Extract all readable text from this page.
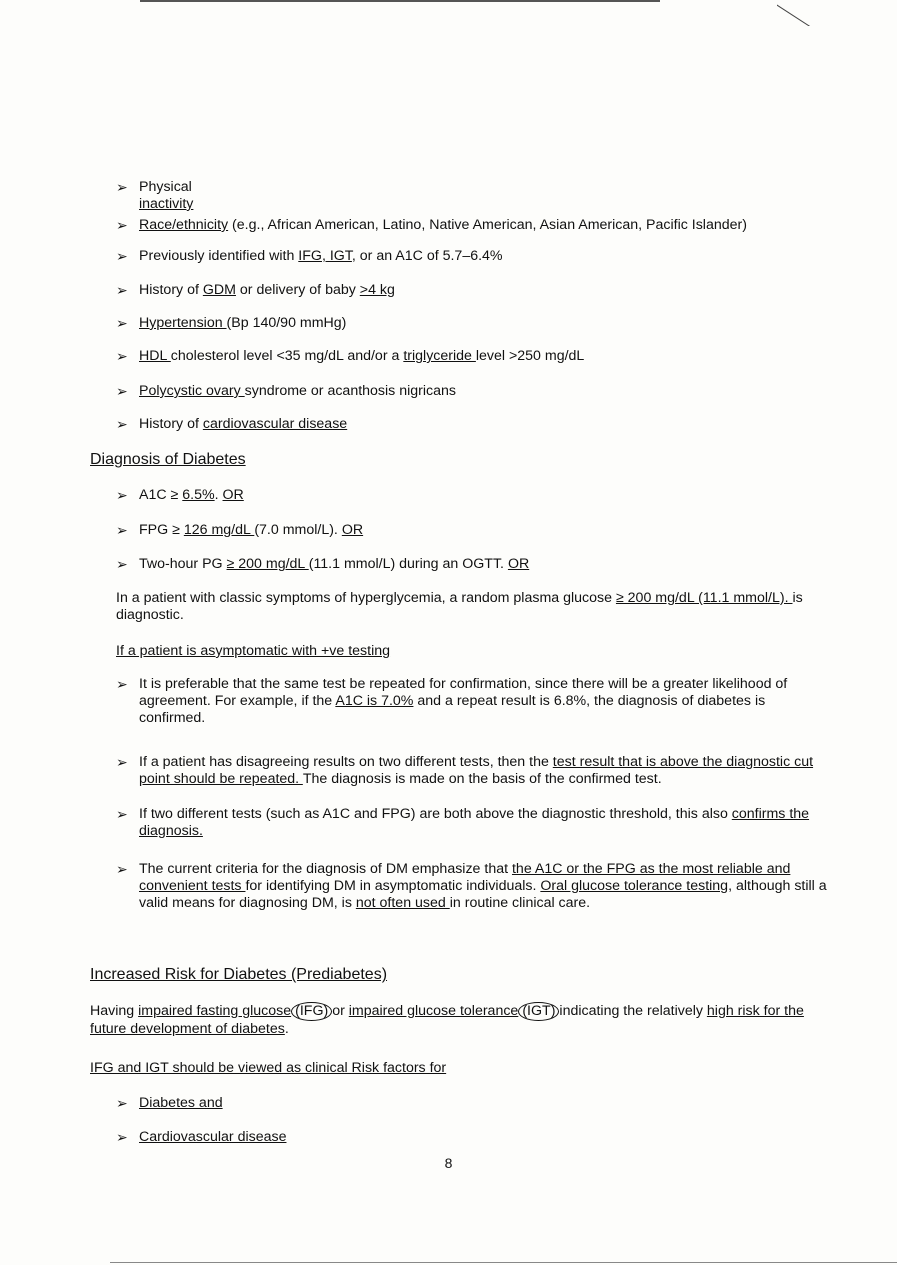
➢ Physical inactivity
➢ Race/ethnicity (e.g., African American, Latino, Native American, Asian American, Pacific Islander)
➢ Previously identified with IFG, IGT, or an A1C of 5.7–6.4%
➢ History of GDM or delivery of baby >4 kg
➢ Hypertension (Bp 140/90 mmHg)
➢ HDL cholesterol level <35 mg/dL and/or a triglyceride level >250 mg/dL
➢ Polycystic ovary syndrome or acanthosis nigricans
➢ History of cardiovascular disease
Diagnosis of Diabetes
➢ A1C ≥ 6.5%. OR
➢ FPG ≥ 126 mg/dL (7.0 mmol/L). OR
➢ Two-hour PG ≥ 200 mg/dL (11.1 mmol/L) during an OGTT. OR
In a patient with classic symptoms of hyperglycemia, a random plasma glucose ≥ 200 mg/dL (11.1 mmol/L). is diagnostic.
If a patient is asymptomatic with +ve testing
➢ It is preferable that the same test be repeated for confirmation, since there will be a greater likelihood of agreement. For example, if the A1C is 7.0% and a repeat result is 6.8%, the diagnosis of diabetes is confirmed.
➢ If a patient has disagreeing results on two different tests, then the test result that is above the diagnostic cut point should be repeated. The diagnosis is made on the basis of the confirmed test.
➢ If two different tests (such as A1C and FPG) are both above the diagnostic threshold, this also confirms the diagnosis.
➢ The current criteria for the diagnosis of DM emphasize that the A1C or the FPG as the most reliable and convenient tests for identifying DM in asymptomatic individuals. Oral glucose tolerance testing, although still a valid means for diagnosing DM, is not often used in routine clinical care.
Increased Risk for Diabetes (Prediabetes)
Having impaired fasting glucose (IFG) or impaired glucose tolerance (IGT) indicating the relatively high risk for the future development of diabetes.
IFG and IGT should be viewed as clinical Risk factors for
➢ Diabetes and
➢ Cardiovascular disease
8
